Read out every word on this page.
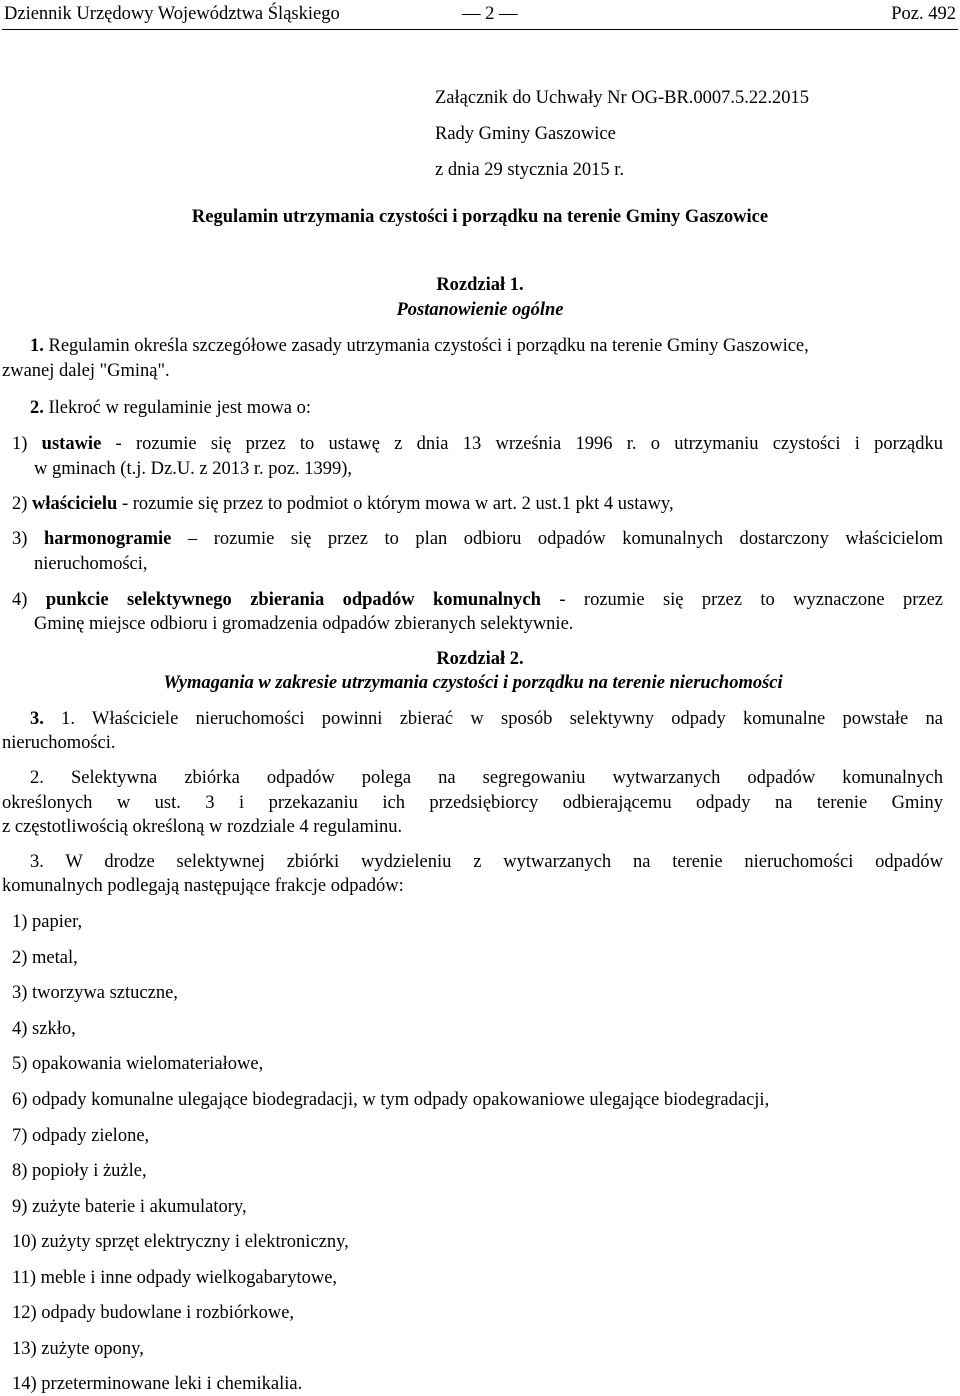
Dziennik Urzędowy Województwa Śląskiego	— 2 —	Poz. 492
Załącznik do Uchwały Nr OG-BR.0007.5.22.2015
Rady Gminy Gaszowice
z dnia 29 stycznia 2015 r.
Regulamin utrzymania czystości i porządku na terenie Gminy Gaszowice
Rozdział 1.
Postanowienie ogólne
1. Regulamin określa szczegółowe zasady utrzymania czystości i porządku na terenie Gminy Gaszowice,
zwanej dalej "Gminą".
2. Ilekroć w regulaminie jest mowa o:
1) ustawie - rozumie się przez to ustawę z dnia 13 września 1996 r. o utrzymaniu czystości i porządku
w gminach (t.j. Dz.U. z 2013 r. poz. 1399),
2) właścicielu - rozumie się przez to podmiot o którym mowa w art. 2 ust.1 pkt 4 ustawy,
3) harmonogramie – rozumie się przez to plan odbioru odpadów komunalnych dostarczony właścicielom
nieruchomości,
4) punkcie selektywnego zbierania odpadów komunalnych - rozumie się przez to wyznaczone przez
Gminę miejsce odbioru i gromadzenia odpadów zbieranych selektywnie.
Rozdział 2.
Wymagania w zakresie utrzymania czystości i porządku na terenie nieruchomości
3. 1. Właściciele nieruchomości powinni zbierać w sposób selektywny odpady komunalne powstałe na
nieruchomości.
2. Selektywna zbiórka odpadów polega na segregowaniu wytwarzanych odpadów komunalnych
określonych w ust. 3 i przekazaniu ich przedsiębiorcy odbierającemu odpady na terenie Gminy
z częstotliwością określoną w rozdziale 4 regulaminu.
3. W drodze selektywnej zbiórki wydzieleniu z wytwarzanych na terenie nieruchomości odpadów
komunalnych podlegają następujące frakcje odpadów:
1) papier,
2) metal,
3) tworzywa sztuczne,
4) szkło,
5) opakowania wielomateriałowe,
6) odpady komunalne ulegające biodegradacji, w tym odpady opakowaniowe ulegające biodegradacji,
7) odpady zielone,
8) popioły i żużle,
9) zużyte baterie i akumulatory,
10) zużyty sprzęt elektryczny i elektroniczny,
11) meble i inne odpady wielkogabarytowe,
12) odpady budowlane i rozbiórkowe,
13) zużyte opony,
14) przeterminowane leki i chemikalia.
